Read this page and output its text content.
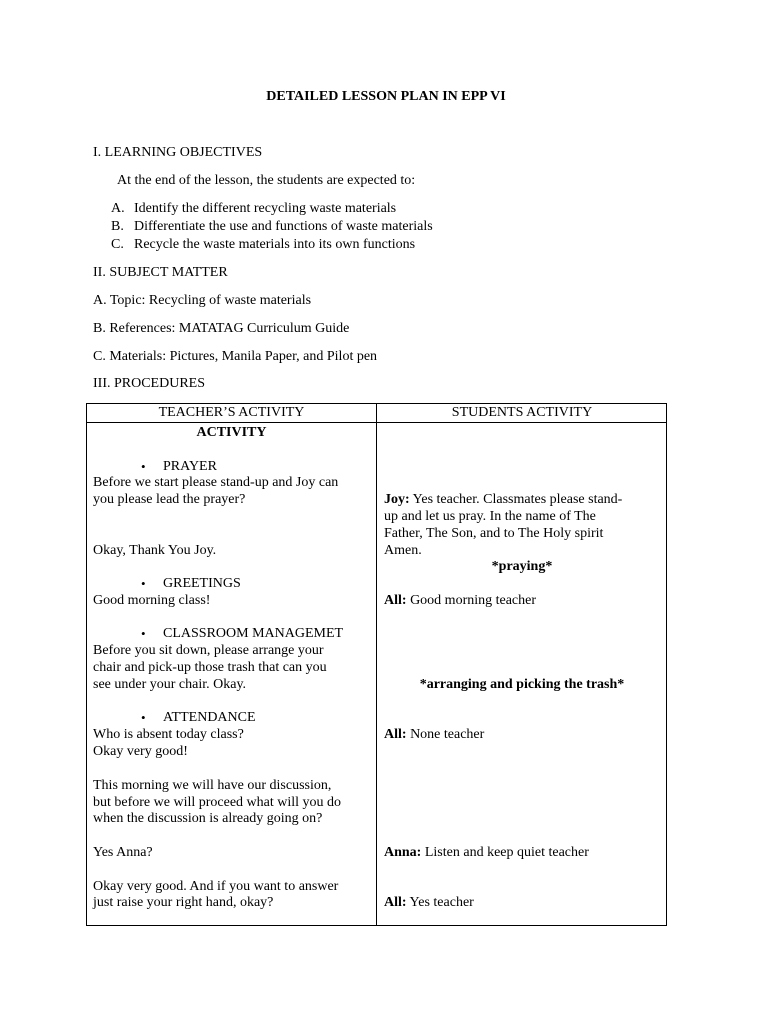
DETAILED LESSON PLAN IN EPP VI
I. LEARNING OBJECTIVES
At the end of the lesson, the students are expected to:
A. Identify the different recycling waste materials
B. Differentiate the use and functions of waste materials
C. Recycle the waste materials into its own functions
II. SUBJECT MATTER
A. Topic: Recycling of waste materials
B. References: MATATAG Curriculum Guide
C. Materials: Pictures, Manila Paper, and Pilot pen
III. PROCEDURES
TEACHER’S ACTIVITY	STUDENTS ACTIVITY
ACTIVITY
• PRAYER
Before we start please stand-up and Joy can
you please lead the prayer?
Okay, Thank You Joy.
• GREETINGS
Good morning class!
• CLASSROOM MANAGEMET
Before you sit down, please arrange your
chair and pick-up those trash that can you
see under your chair. Okay.
• ATTENDANCE
Who is absent today class?
Okay very good!
This morning we will have our discussion,
but before we will proceed what will you do
when the discussion is already going on?
Yes Anna?
Okay very good. And if you want to answer
just raise your right hand, okay?
Joy: Yes teacher. Classmates please stand-
up and let us pray. In the name of The
Father, The Son, and to The Holy spirit
Amen.
*praying*
All: Good morning teacher
*arranging and picking the trash*
All: None teacher
Anna: Listen and keep quiet teacher
All: Yes teacher
